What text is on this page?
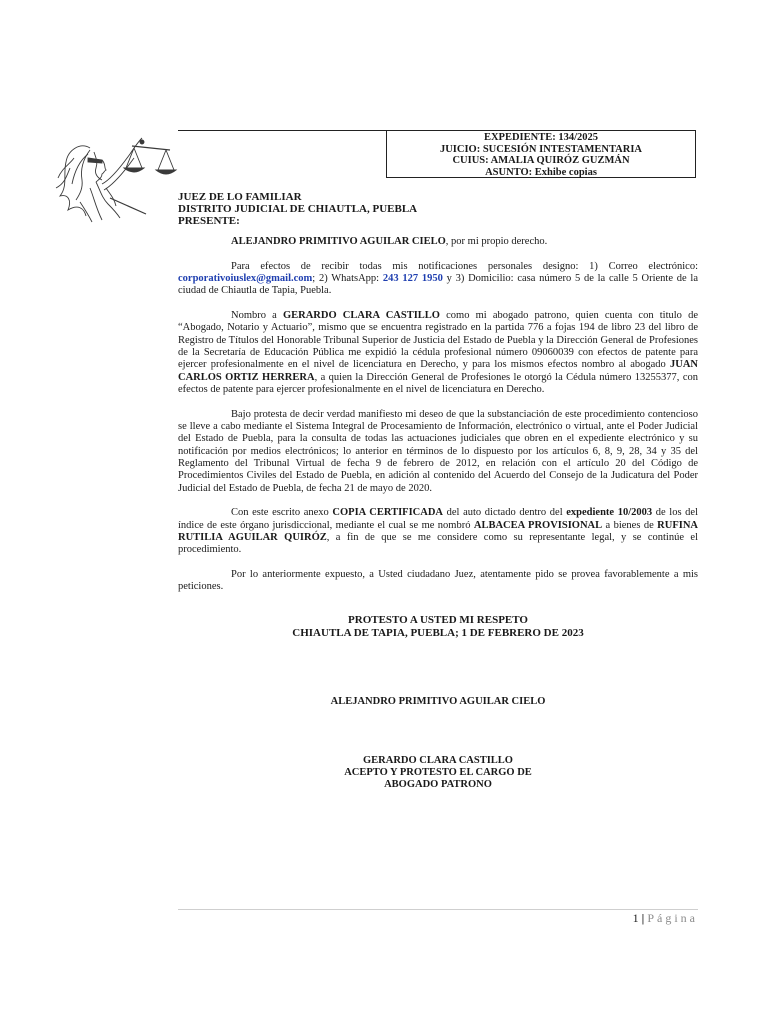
EXPEDIENTE: 134/2025
JUICIO: SUCESIÓN INTESTAMENTARIA
CUIUS: AMALIA QUIRÓZ GUZMÁN
ASUNTO: Exhibe copias
JUEZ DE LO FAMILIAR
DISTRITO JUDICIAL DE CHIAUTLA, PUEBLA
PRESENTE:

ALEJANDRO PRIMITIVO AGUILAR CIELO, por mi propio derecho.

Para efectos de recibir todas mis notificaciones personales designo: 1) Correo electrónico: corporativoiuslex@gmail.com; 2) WhatsApp: 243 127 1950 y 3) Domicilio: casa número 5 de la calle 5 Oriente de la ciudad de Chiautla de Tapia, Puebla.

Nombro a GERARDO CLARA CASTILLO como mi abogado patrono, quien cuenta con titulo de “Abogado, Notario y Actuario”, mismo que se encuentra registrado en la partida 776 a fojas 194 de libro 23 del libro de Registro de Títulos del Honorable Tribunal Superior de Justicia del Estado de Puebla y la Dirección General de Profesiones de la Secretaría de Educación Pública me expidió la cédula profesional número 09060039 con efectos de patente para ejercer profesionalmente en el nivel de licenciatura en Derecho, y para los mismos efectos nombro al abogado JUAN CARLOS ORTIZ HERRERA, a quien la Dirección General de Profesiones le otorgó la Cédula número 13255377, con efectos de patente para ejercer profesionalmente en el nivel de licenciatura en Derecho.

Bajo protesta de decir verdad manifiesto mi deseo de que la substanciación de este procedimiento contencioso se lleve a cabo mediante el Sistema Integral de Procesamiento de Información, electrónico o virtual, ante el Poder Judicial del Estado de Puebla, para la consulta de todas las actuaciones judiciales que obren en el expediente electrónico y su notificación por medios electrónicos; lo anterior en términos de lo dispuesto por los artículos 6, 8, 9, 28, 34 y 35 del Reglamento del Tribunal Virtual de fecha 9 de febrero de 2012, en relación con el artículo 20 del Código de Procedimientos Civiles del Estado de Puebla, en adición al contenido del Acuerdo del Consejo de la Judicatura del Poder Judicial del Estado de Puebla, de fecha 21 de mayo de 2020.

Con este escrito anexo COPIA CERTIFICADA del auto dictado dentro del expediente 10/2003 de los del índice de este órgano jurisdiccional, mediante el cual se me nombró ALBACEA PROVISIONAL a bienes de RUFINA RUTILIA AGUILAR QUIRÓZ, a fin de que se me considere como su representante legal, y se continúe el procedimiento.

Por lo anteriormente expuesto, a Usted ciudadano Juez, atentamente pido se provea favorablemente a mis peticiones.

PROTESTO A USTED MI RESPETO
CHIAUTLA DE TAPIA, PUEBLA; 1 DE FEBRERO DE 2023
ALEJANDRO PRIMITIVO AGUILAR CIELO
GERARDO CLARA CASTILLO
ACEPTO Y PROTESTO EL CARGO DE
ABOGADO PATRONO
1 | Página
